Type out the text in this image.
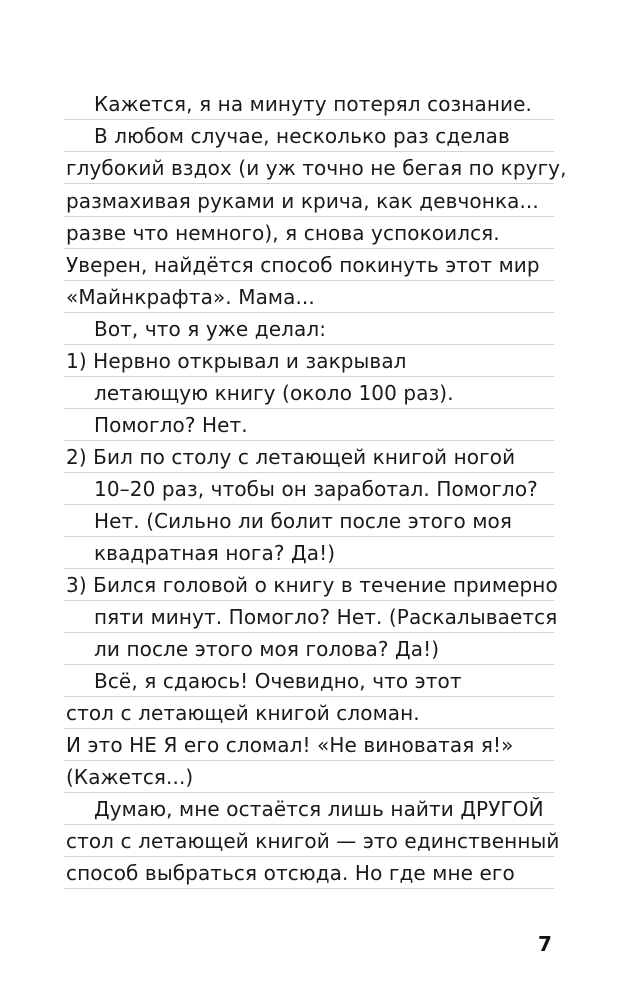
Кажется, я на минуту потерял сознание.
В любом случае, несколько раз сделав
глубокий вздох (и уж точно не бегая по кругу,
размахивая руками и крича, как девчонка...
разве что немного), я снова успокоился.
Уверен, найдётся способ покинуть этот мир
«Майнкрафта». Мама...
Вот, что я уже делал:
1) Нервно открывал и закрывал
летающую книгу (около 100 раз).
Помогло? Нет.
2) Бил по столу с летающей книгой ногой
10–20 раз, чтобы он заработал. Помогло?
Нет. (Сильно ли болит после этого моя
квадратная нога? Да!)
3) Бился головой о книгу в течение примерно
пяти минут. Помогло? Нет. (Раскалывается
ли после этого моя голова? Да!)
Всё, я сдаюсь! Очевидно, что этот
стол с летающей книгой сломан.
И это НЕ Я его сломал! «Не виноватая я!»
(Кажется...)
Думаю, мне остаётся лишь найти ДРУГОЙ
стол с летающей книгой — это единственный
способ выбраться отсюда. Но где мне его
7
